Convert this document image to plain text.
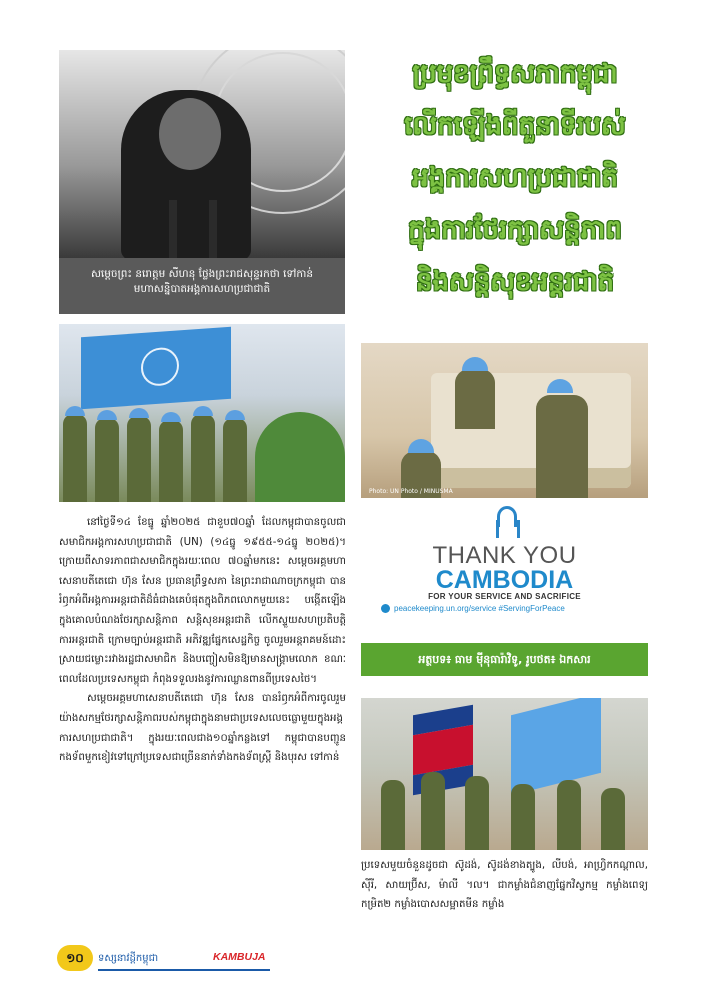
សម្ដេចព្រះ នរោត្ដម សីហនុ ថ្លែងព្រះរាជសុន្ទរកថា ទៅកាន់
មហាសន្និបាតអង្គការសហប្រជាជាតិ
ប្រមុខព្រឹទ្ធសភាកម្ពុជា
លើកឡើងពីតួនាទីរបស់
អង្គការសហប្រជាជាតិ
ក្នុងការថែរក្សាសន្តិភាព
និងសន្តិសុខអន្តរជាតិ
Photo: UN Photo / MINUSMA
THANK YOU
CAMBODIA
FOR YOUR SERVICE AND SACRIFICE
peacekeeping.un.org/service #ServingForPeace
អត្ថបទ៖ ធាម ម៉ីនុធារ៉ាវិទូ, រូបថត៖ ឯកសារ

នៅថ្ងៃទី១៤ ខែធ្នូ ឆ្នាំ២០២៥ ជាខួប៧០ឆ្នាំ ដែលកម្ពុជាបានចូលជាសមាជិកអង្គការសហប្រជាជាតិ (UN) (១៤ធ្នូ ១៩៥៥-១៤ធ្នូ ២០២៥)។ ក្រោយពីសាទរភាពជាសមាជិកក្នុងរយៈពេល ៧០ឆ្នាំមកនេះ សម្ដេចអគ្គមហាសេនាបតីតេជោ ហ៊ុន សែន ប្រធានព្រឹទ្ធសភា នៃព្រះរាជាណាចក្រកម្ពុជា បានរំឭកអំពីអង្គការអន្តរជាតិដ៏ធំជាងគេបំផុតក្នុងពិភពលោកមួយនេះ បង្កើតឡើងក្នុងគោលបំណងថែរក្សាសន្តិភាព សន្តិសុខអន្តរជាតិ លើកស្ទួយសហប្រតិបត្តិការអន្តរជាតិ ក្រោមច្បាប់អន្តរជាតិ អភិវឌ្ឍផ្នែកសេដ្ឋកិច្ច ចូលរួមអន្តរាគមន៍ដោះស្រាយជម្លោះរវាងរដ្ឋជាសមាជិក និងបញ្ចៀសមិនឱ្យមានសង្គ្រាមលោក ខណៈពេលដែលប្រទេសកម្ពុជា កំពុងទទួលរងនូវការឈ្លានពានពីប្រទេសថៃ។

សម្ដេចអគ្គមហាសេនាបតីតេជោ ហ៊ុន សែន បានរំឭកអំពីការចូលរួមយ៉ាងសកម្មថែរក្សាសន្តិភាពរបស់កម្ពុជាក្នុងនាមជាប្រទេសលេចធ្លោមួយក្នុងអង្គការសហប្រជាជាតិ។ ក្នុងរយៈពេលជាង១០ឆ្នាំកន្លងទៅ កម្ពុជាបានបញ្ជូនកងទ័ពមួកខៀវទៅក្រៅប្រទេសជាច្រើននាក់ទាំងកងទ័ពស្ត្រី និងបុរស ទៅកាន់

ប្រទេសមួយចំនួនដូចជា ស៊ូដង់, ស៊ូដង់ខាងត្បូង, លីបង់, អាហ្វ្រិកកណ្ដាល, ស៊ីរី, សាយប្រ៊ីស, ម៉ាលី ។ល។ ជាកម្លាំងជំនាញផ្នែកវិស្វកម្ម កម្លាំងពេទ្យកម្រិត២ កម្លាំងបោសសម្អាតមីន កម្លាំង
១០	ទស្សនាវដ្ដីកម្ពុជា	KAMBUJA
